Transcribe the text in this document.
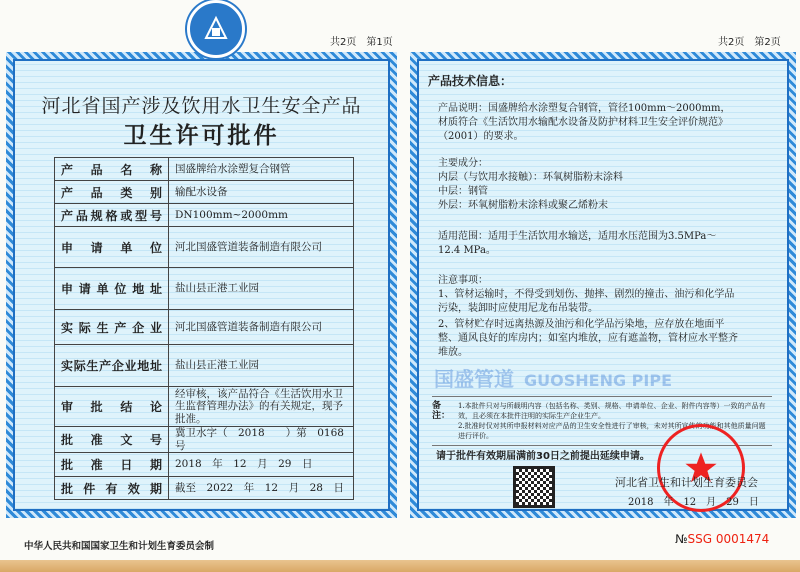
共2页　第1页	共2页　第2页
河北省国产涉及饮用水卫生安全产品
卫生许可批件
产品名称	国盛牌给水涂塑复合钢管
产品类别	输配水设备
产品规格或型号	DN100mm~2000mm
申请单位	河北国盛管道装备制造有限公司
申请单位地址	盐山县正港工业园
实际生产企业	河北国盛管道装备制造有限公司
实际生产企业地址	盐山县正港工业园
审批结论	经审核，该产品符合《生活饮用水卫生监督管理办法》的有关规定，现予批准。
批准文号	冀卫水字（　2018　　）第　0168　号
批准日期	2018　年　12　月　29　日
批件有效期	截至　2022　年　12　月　28　日
产品技术信息：
产品说明：国盛牌给水涂塑复合钢管，管径100mm～2000mm，材质符合《生活饮用水输配水设备及防护材料卫生安全评价规范》（2001）的要求。
主要成分：
内层（与饮用水接触）：环氧树脂粉末涂料
中层：钢管
外层：环氧树脂粉末涂料或聚乙烯粉末
适用范围：适用于生活饮用水输送，适用水压范围为3.5MPa～12.4 MPa。
注意事项：
1、管材运输时，不得受到划伤、抛摔、剧烈的撞击、油污和化学品污染，装卸时应使用尼龙布吊装带。
2、管材贮存时远离热源及油污和化学品污染地，应存放在地面平整、通风良好的库房内；如室内堆放，应有遮盖物，管材应水平整齐堆放。
国盛管道 GUOSHENG PIPE
备注：
1.本批件只对与所载明内容（包括名称、类别、规格、申请单位、企业、附件内容等）一致的产品有效，且必须在本批件注明的实际生产企业生产。
2.批准时仅对其所申报材料对应产品的卫生安全性进行了审核，未对其所宣传的功能和其他质量问题进行评价。
请于批件有效期届满前30日之前提出延续申请。
河北省卫生和计划生育委员会
2018　年　12　月　29　日
中华人民共和国国家卫生和计划生育委员会制
№SSG 0001474
